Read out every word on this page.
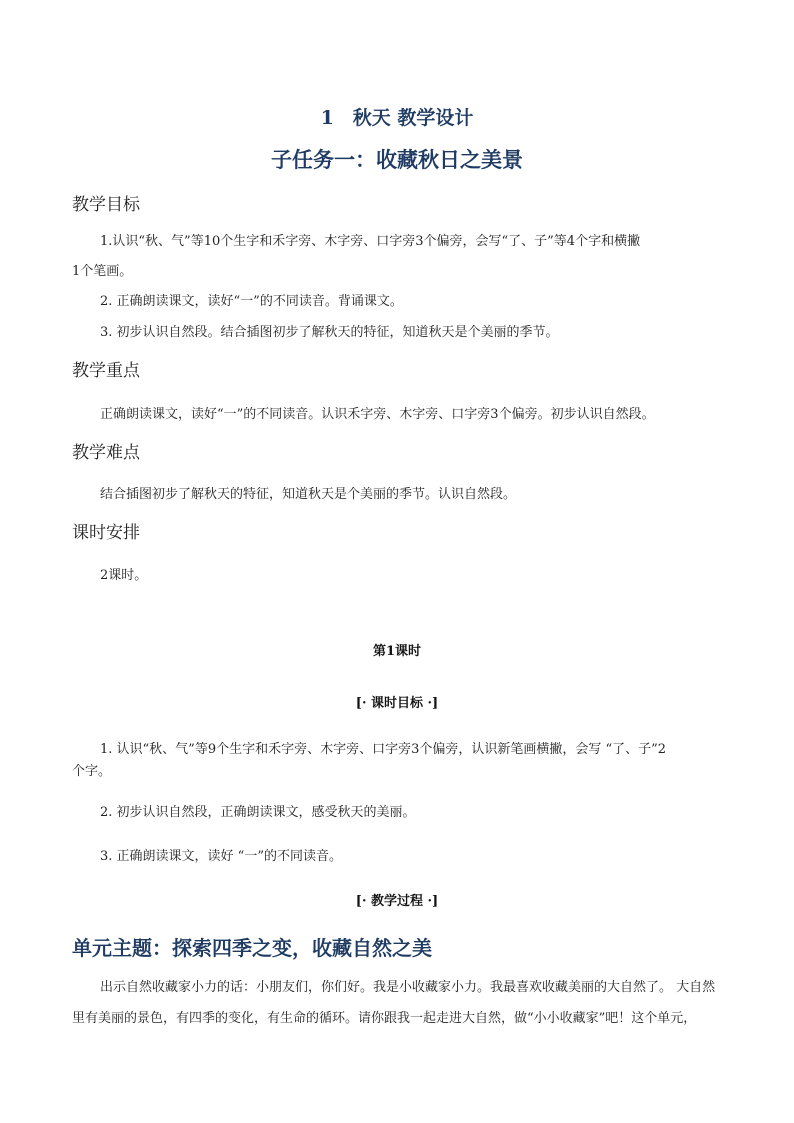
1　秋天 教学设计
子任务一：收藏秋日之美景
教学目标
1.认识“秋、气”等10个生字和禾字旁、木字旁、口字旁3个偏旁，会写“了、子”等4个字和横撇
1个笔画。
2. 正确朗读课文，读好“一”的不同读音。背诵课文。
3. 初步认识自然段。结合插图初步了解秋天的特征，知道秋天是个美丽的季节。
教学重点
正确朗读课文，读好“一”的不同读音。认识禾字旁、木字旁、口字旁3个偏旁。初步认识自然段。
教学难点
结合插图初步了解秋天的特征，知道秋天是个美丽的季节。认识自然段。
课时安排
2课时。
第1课时
[· 课时目标 ·]
1. 认识“秋、气”等9个生字和禾字旁、木字旁、口字旁3个偏旁，认识新笔画横撇，会写 “了、子”2
个字。
2. 初步认识自然段，正确朗读课文，感受秋天的美丽。
3. 正确朗读课文，读好 “一”的不同读音。
[· 教学过程 ·]
单元主题：探索四季之变，收藏自然之美
出示自然收藏家小力的话：小朋友们，你们好。我是小收藏家小力。我最喜欢收藏美丽的大自然了。 大自然
里有美丽的景色，有四季的变化，有生命的循环。请你跟我一起走进大自然，做“小小收藏家”吧！这个单元，
